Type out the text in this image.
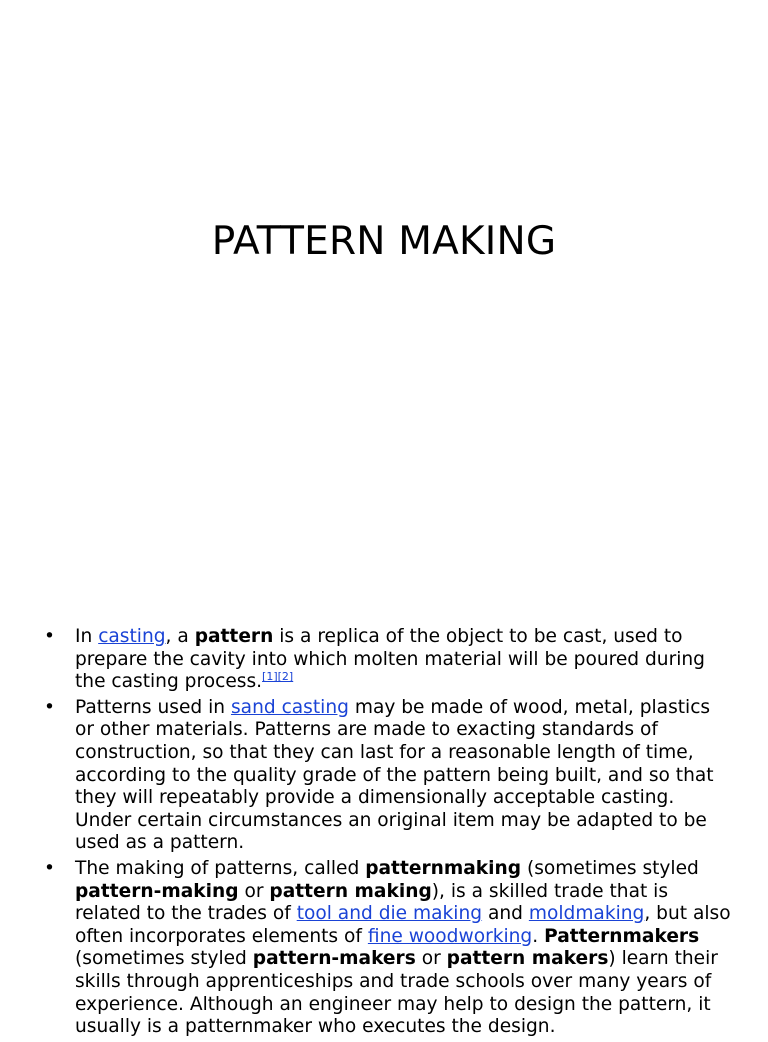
PATTERN MAKING
• In casting, a pattern is a replica of the object to be cast, used to prepare the cavity into which molten material will be poured during the casting process.[1][2]
• Patterns used in sand casting may be made of wood, metal, plastics or other materials. Patterns are made to exacting standards of construction, so that they can last for a reasonable length of time, according to the quality grade of the pattern being built, and so that they will repeatably provide a dimensionally acceptable casting. Under certain circumstances an original item may be adapted to be used as a pattern.
• The making of patterns, called patternmaking (sometimes styled pattern-making or pattern making), is a skilled trade that is related to the trades of tool and die making and moldmaking, but also often incorporates elements of fine woodworking. Patternmakers (sometimes styled pattern-makers or pattern makers) learn their skills through apprenticeships and trade schools over many years of experience. Although an engineer may help to design the pattern, it usually is a patternmaker who executes the design.
